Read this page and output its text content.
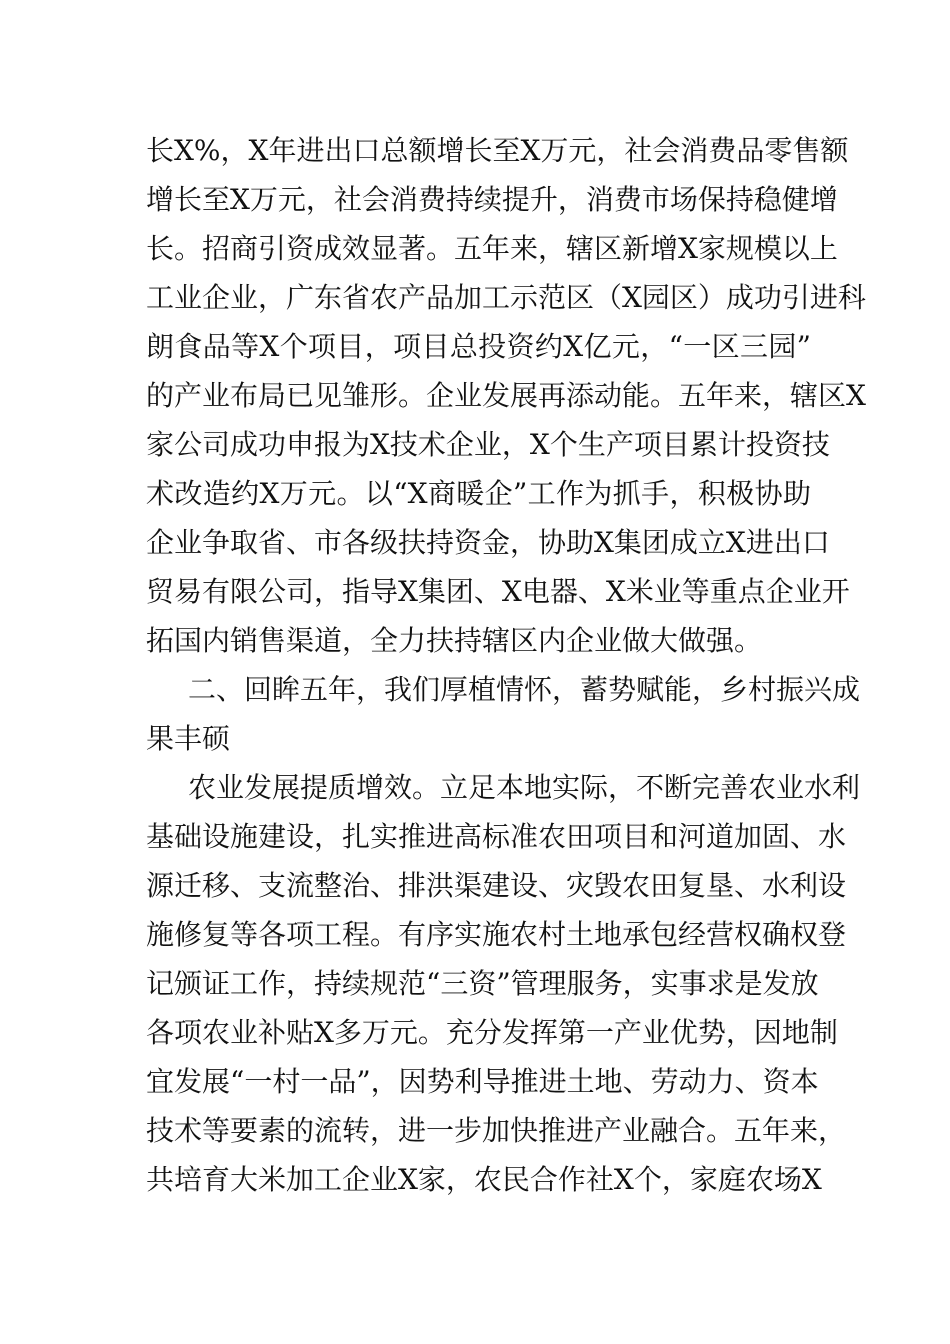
长X%，X年进出口总额增长至X万元，社会消费品零售额
增长至X万元，社会消费持续提升，消费市场保持稳健增
长。招商引资成效显著。五年来，辖区新增X家规模以上
工业企业，广东省农产品加工示范区（X园区）成功引进科
朗食品等X个项目，项目总投资约X亿元，“一区三园”
的产业布局已见雏形。企业发展再添动能。五年来，辖区X
家公司成功申报为X技术企业，X个生产项目累计投资技
术改造约X万元。以“X商暖企”工作为抓手，积极协助
企业争取省、市各级扶持资金，协助X集团成立X进出口
贸易有限公司，指导X集团、X电器、X米业等重点企业开
拓国内销售渠道，全力扶持辖区内企业做大做强。
二、回眸五年，我们厚植情怀，蓄势赋能，乡村振兴成
果丰硕
农业发展提质增效。立足本地实际，不断完善农业水利
基础设施建设，扎实推进高标准农田项目和河道加固、水
源迁移、支流整治、排洪渠建设、灾毁农田复垦、水利设
施修复等各项工程。有序实施农村土地承包经营权确权登
记颁证工作，持续规范“三资”管理服务，实事求是发放
各项农业补贴X多万元。充分发挥第一产业优势，因地制
宜发展“一村一品”，因势利导推进土地、劳动力、资本
技术等要素的流转，进一步加快推进产业融合。五年来，
共培育大米加工企业X家，农民合作社X个，家庭农场X
